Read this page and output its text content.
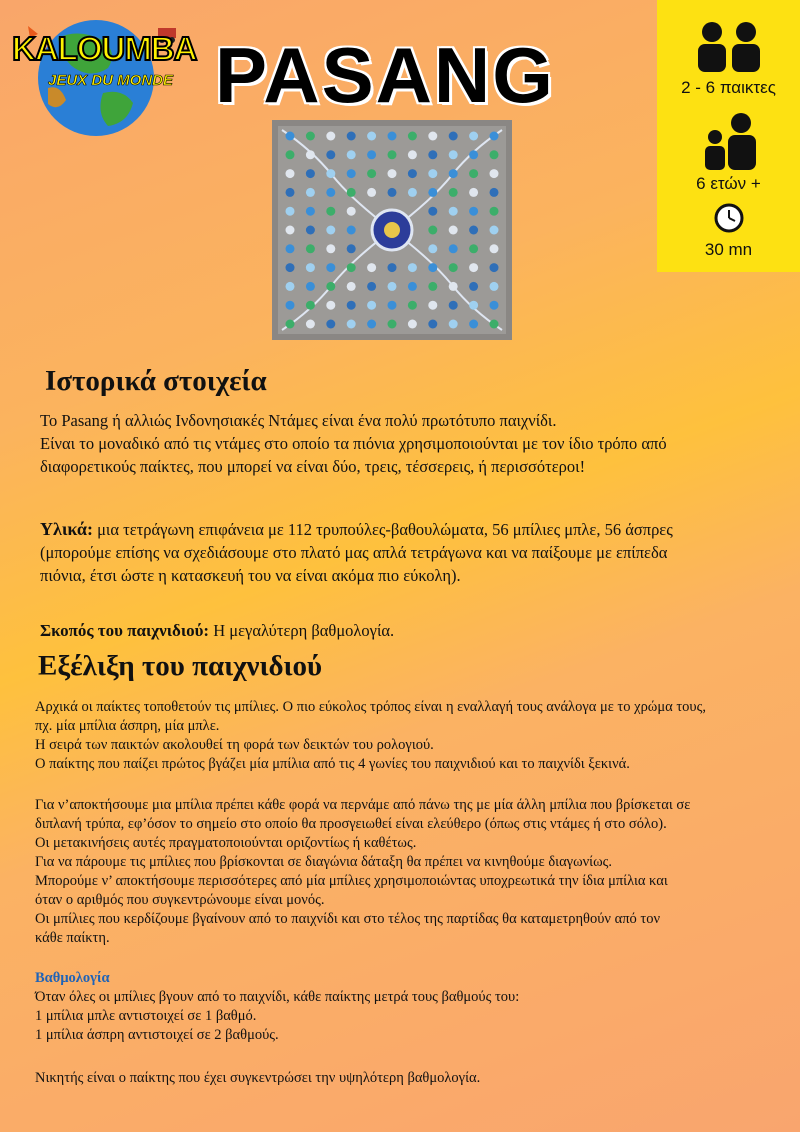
KALOUMBA
JEUX DU MONDE PASANG	2 - 6 παικτες
6 ετών +
30 mn
Ιστορικά στοιχεία
Το Pasang ή αλλιώς Ινδονησιακές Ντάμες είναι ένα πολύ πρωτότυπο παιχνίδι.
Είναι το μοναδικό από τις ντάμες στο οποίο τα πιόνια χρησιμοποιούνται με τον ίδιο τρόπο από
διαφορετικούς παίκτες, που μπορεί να είναι δύο, τρεις, τέσσερεις, ή περισσότεροι!
Υλικά: μια τετράγωνη επιφάνεια με 112 τρυπούλες-βαθουλώματα, 56 μπίλιες μπλε, 56 άσπρες
(μπορούμε επίσης να σχεδιάσουμε στο πλατό μας απλά τετράγωνα και να παίξουμε με επίπεδα
πιόνια, έτσι ώστε η κατασκευή του να είναι ακόμα πιο εύκολη).
Σκοπός του παιχνιδιού: Η μεγαλύτερη βαθμολογία.
Εξέλιξη του παιχνιδιού
Αρχικά οι παίκτες τοποθετούν τις μπίλιες. Ο πιο εύκολος τρόπος είναι η εναλλαγή τους ανάλογα με το χρώμα τους,
πχ. μία μπίλια άσπρη, μία μπλε.
Η σειρά των παικτών ακολουθεί τη φορά των δεικτών του ρολογιού.
Ο παίκτης που παίζει πρώτος βγάζει μία μπίλια από τις 4 γωνίες του παιχνιδιού και το παιχνίδι ξεκινά.
Για ν’αποκτήσουμε μια μπίλια πρέπει κάθε φορά να περνάμε από πάνω της με μία άλλη μπίλια που βρίσκεται σε
διπλανή τρύπα, εφ’όσον το σημείο στο οποίο θα προσγειωθεί είναι ελεύθερο (όπως στις ντάμες ή στο σόλο).
Οι μετακινήσεις αυτές πραγματοποιούνται οριζοντίως ή καθέτως.
Για να πάρουμε τις μπίλιες που βρίσκονται σε διαγώνια δάταξη θα πρέπει να κινηθούμε διαγωνίως.
Μπορούμε ν’ αποκτήσουμε περισσότερες από μία μπίλιες χρησιμοποιώντας υποχρεωτικά την ίδια μπίλια και
όταν ο αριθμός που συγκεντρώνουμε είναι μονός.
Οι μπίλιες που κερδίζουμε βγαίνουν από το παιχνίδι και στο τέλος της παρτίδας θα καταμετρηθούν από τον
κάθε παίκτη.
Βαθμολογία
Όταν όλες οι μπίλιες βγουν από το παιχνίδι, κάθε παίκτης μετρά τους βαθμούς του:
1 μπίλια μπλε αντιστοιχεί σε 1 βαθμό.
1 μπίλια άσπρη αντιστοιχεί σε 2 βαθμούς.
Νικητής είναι ο παίκτης που έχει συγκεντρώσει την υψηλότερη βαθμολογία.
